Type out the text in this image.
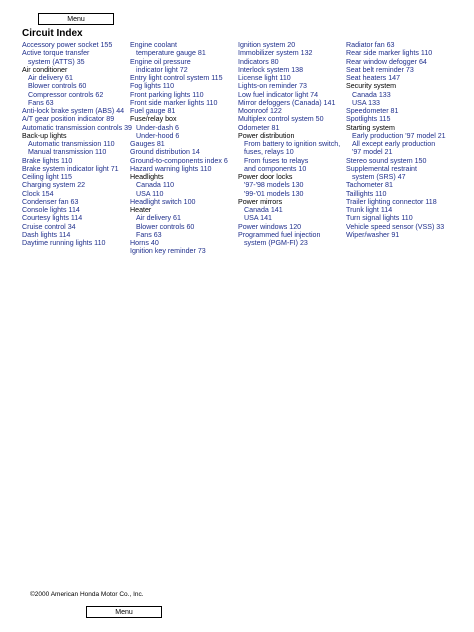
Menu
Circuit Index
Accessory power socket 155
Active torque transfer
system (ATTS) 35
Air conditioner
Air delivery 61
Blower controls 60
Compressor controls 62
Fans 63
Anti-lock brake system (ABS) 44
A/T gear position indicator 89
Automatic transmission controls 39
Back-up lights
Automatic transmission 110
Manual transmission 110
Brake lights 110
Brake system indicator light 71
Ceiling light 115
Charging system 22
Clock 154
Condenser fan 63
Console lights 114
Courtesy lights 114
Cruise control 34
Dash lights 114
Daytime running lights 110
Engine coolant
temperature gauge 81
Engine oil pressure
indicator light 72
Entry light control system 115
Fog lights 110
Front parking lights 110
Front side marker lights 110
Fuel gauge 81
Fuse/relay box
Under-dash 6
Under-hood 6
Gauges 81
Ground distribution 14
Ground-to-components index 6
Hazard warning lights 110
Headlights
Canada 110
USA 110
Headlight switch 100
Heater
Air delivery 61
Blower controls 60
Fans 63
Horns 40
Ignition key reminder 73
Ignition system 20
Immobilizer system 132
Indicators 80
Interlock system 138
License light 110
Lights-on reminder 73
Low fuel indicator light 74
Mirror defoggers (Canada) 141
Moonroof 122
Multiplex control system 50
Odometer 81
Power distribution
From battery to ignition switch,
fuses, relays 10
From fuses to relays
and components 10
Power door locks
'97-'98 models 130
'99-'01 models 130
Power mirrors
Canada 141
USA 141
Power windows 120
Programmed fuel injection
system (PGM-FI) 23
Radiator fan 63
Rear side marker lights 110
Rear window defogger 64
Seat belt reminder 73
Seat heaters 147
Security system
Canada 133
USA 133
Speedometer 81
Spotlights 115
Starting system
Early production '97 model 21
All except early production
'97 model 21
Stereo sound system 150
Supplemental restraint
system (SRS) 47
Tachometer 81
Taillights 110
Trailer lighting connector 118
Trunk light 114
Turn signal lights 110
Vehicle speed sensor (VSS) 33
Wiper/washer 91
©2000 American Honda Motor Co., Inc.
Menu
